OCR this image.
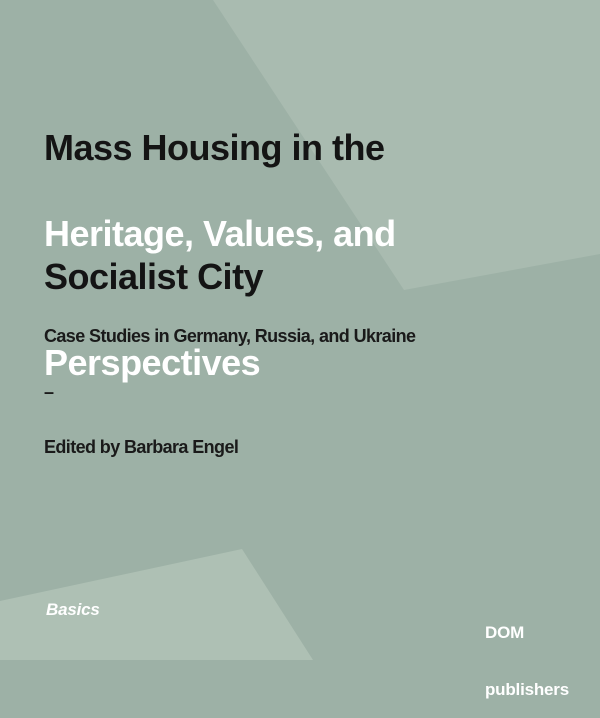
Mass Housing in the

Socialist City

Heritage, Values, and

Perspectives

Case Studies in Germany, Russia, and Ukraine

–

Edited by Barbara Engel

Basics

DOM

publishers
